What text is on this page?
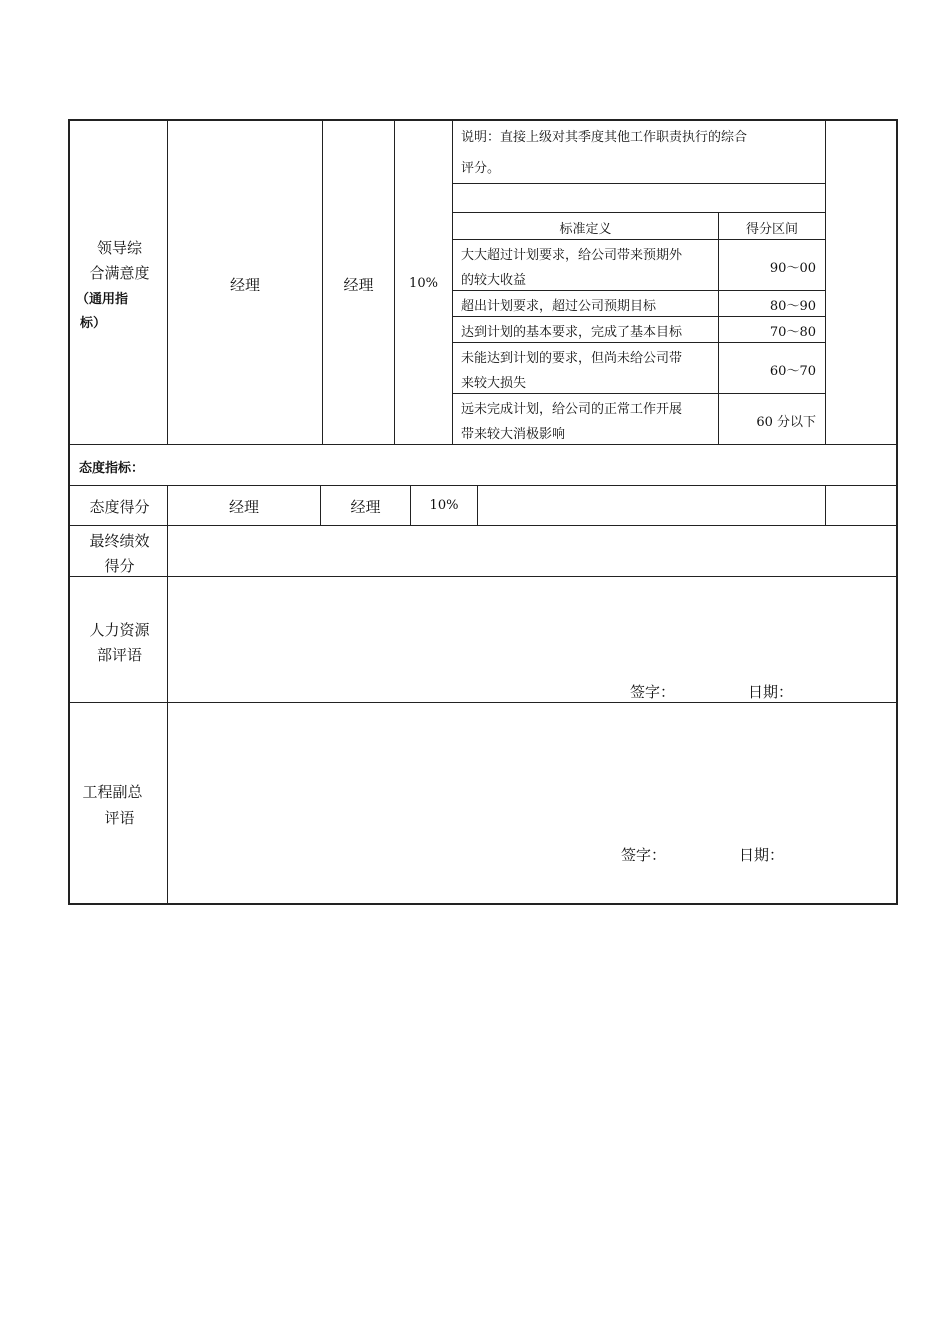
领导综
合满意度
（通用指
标）
经理	经理	10%
说明：直接上级对其季度其他工作职责执行的综合
评分。
标准定义	得分区间
大大超过计划要求，给公司带来预期外
的较大收益
90～00
超出计划要求，超过公司预期目标	80～90
达到计划的基本要求，完成了基本目标	70～80
未能达到计划的要求，但尚未给公司带
来较大损失
60～70
远未完成计划，给公司的正常工作开展
带来较大消极影响
60 分以下
态度指标：
态度得分	经理	经理	10%
最终绩效
得分
人力资源
部评语
签字：	日期：
工程副总
评语
签字：	日期：
